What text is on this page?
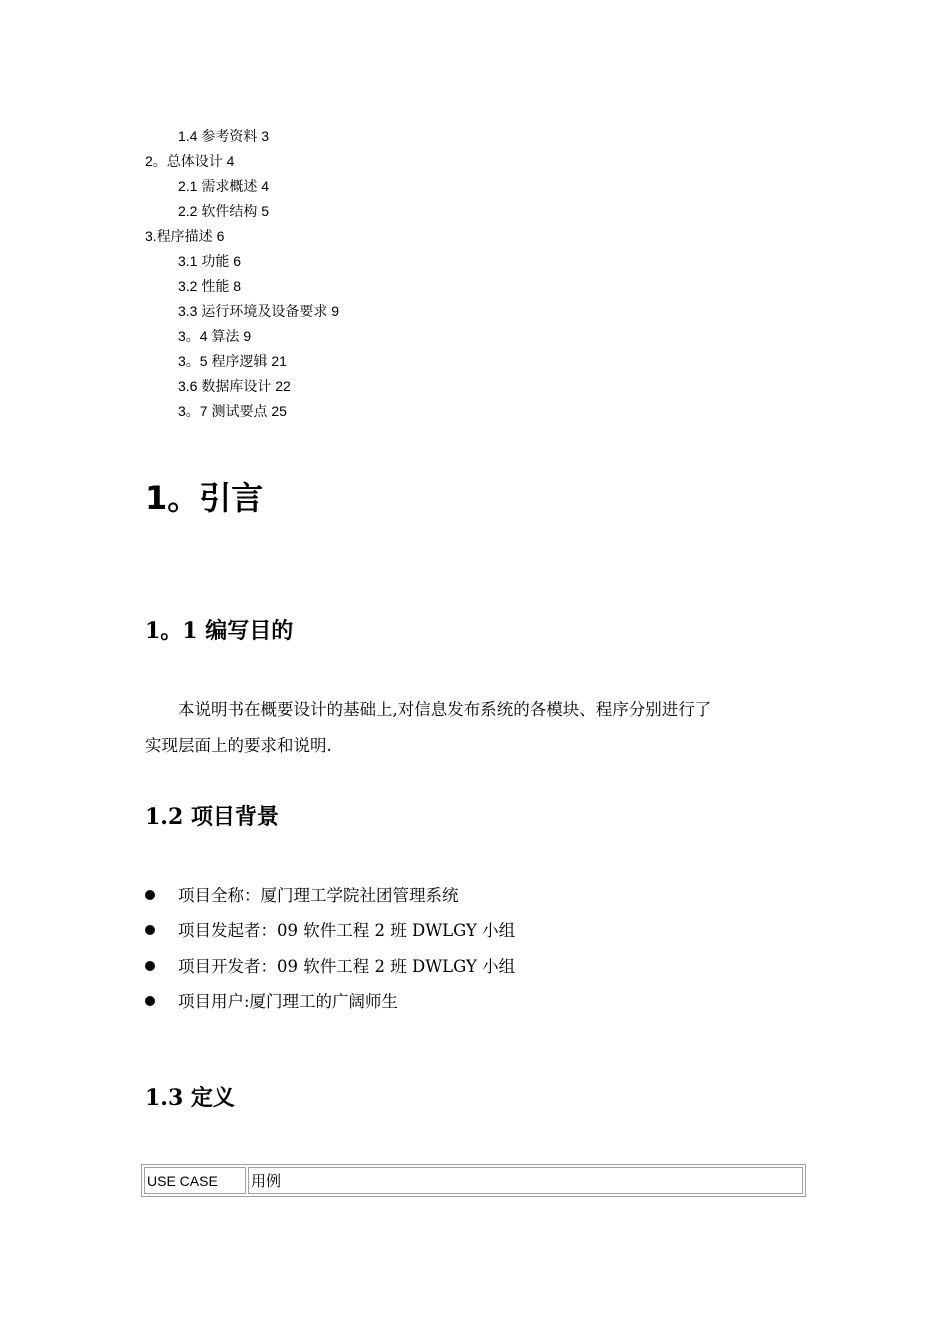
1.4 参考资料 3
2。总体设计 4
2.1 需求概述 4
2.2 软件结构 5
3.程序描述 6
3.1 功能 6
3.2 性能 8
3.3 运行环境及设备要求 9
3。4 算法 9
3。5 程序逻辑 21
3.6 数据库设计 22
3。7 测试要点 25
1。引言
1。1 编写目的
本说明书在概要设计的基础上,对信息发布系统的各模块、程序分别进行了
实现层面上的要求和说明.
1.2 项目背景
项目全称：厦门理工学院社团管理系统
项目发起者：09 软件工程 2 班 DWLGY 小组
项目开发者：09 软件工程 2 班 DWLGY 小组
项目用户:厦门理工的广阔师生
1.3 定义
USE CASE	用例
